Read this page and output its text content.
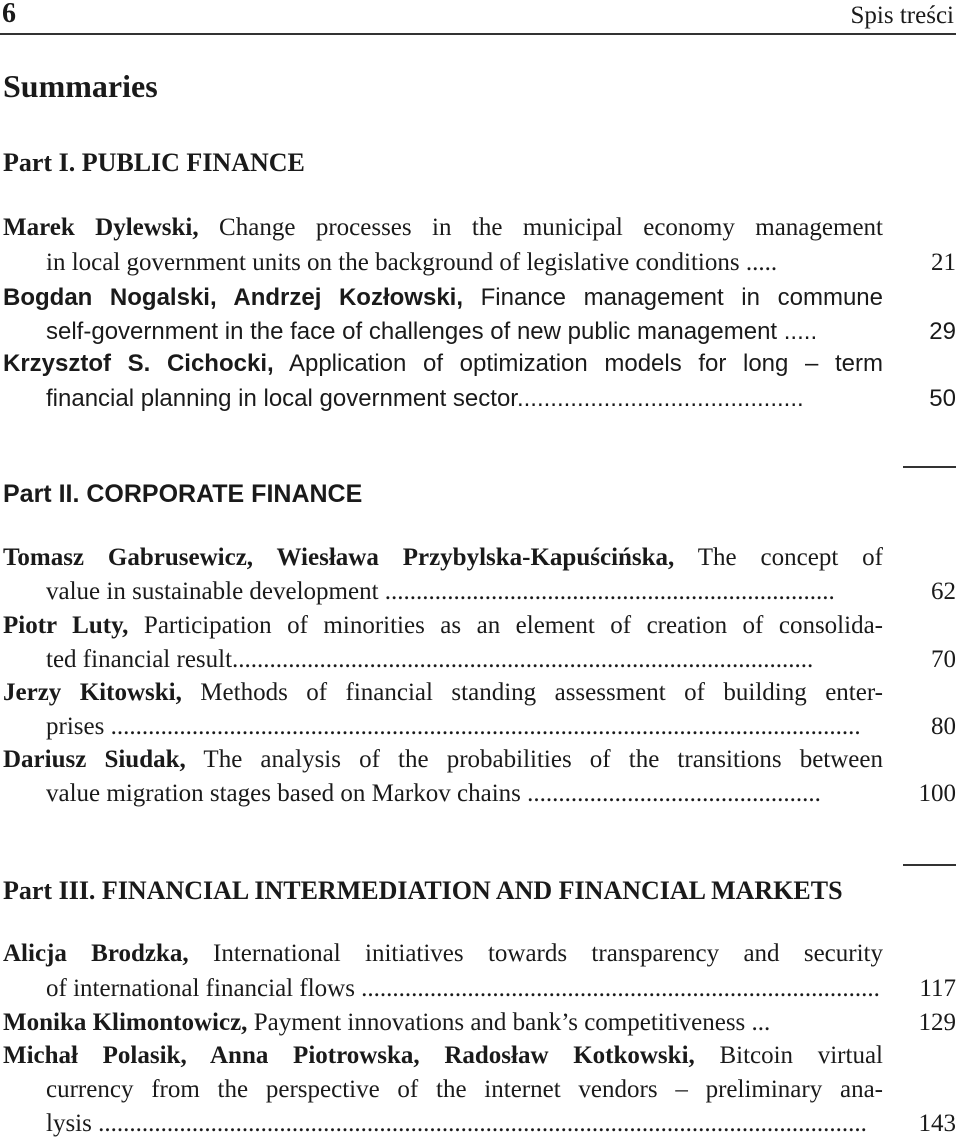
6	Spis treści
Summaries
Part I. PUBLIC FINANCE
Marek Dylewski, Change processes in the municipal economy management
in local government units on the background of legislative conditions .....	21
Bogdan Nogalski, Andrzej Kozłowski, Finance management in commune
self-government in the face of challenges of new public management .....	29
Krzysztof S. Cichocki, Application of optimization models for long – term
financial planning in local government sector...........................................	50
Part II. CORPORATE FINANCE
Tomasz Gabrusewicz, Wiesława Przybylska-Kapuścińska, The concept of
value in sustainable development ........................................................................	62
Piotr Luty, Participation of minorities as an element of creation of consolida-
ted financial result.............................................................................................	70
Jerzy Kitowski, Methods of financial standing assessment of building enter-
prises ........................................................................................................................	80
Dariusz Siudak, The analysis of the probabilities of the transitions between
value migration stages based on Markov chains ...............................................	100
Part III. FINANCIAL INTERMEDIATION AND FINANCIAL MARKETS
Alicja Brodzka, International initiatives towards transparency and security
of international financial flows ...................................................................................	117
Monika Klimontowicz, Payment innovations and bank’s competitiveness ...	129
Michał Polasik, Anna Piotrowska, Radosław Kotkowski, Bitcoin virtual
currency from the perspective of the internet vendors – preliminary ana-
lysis ...........................................................................................................................	143
